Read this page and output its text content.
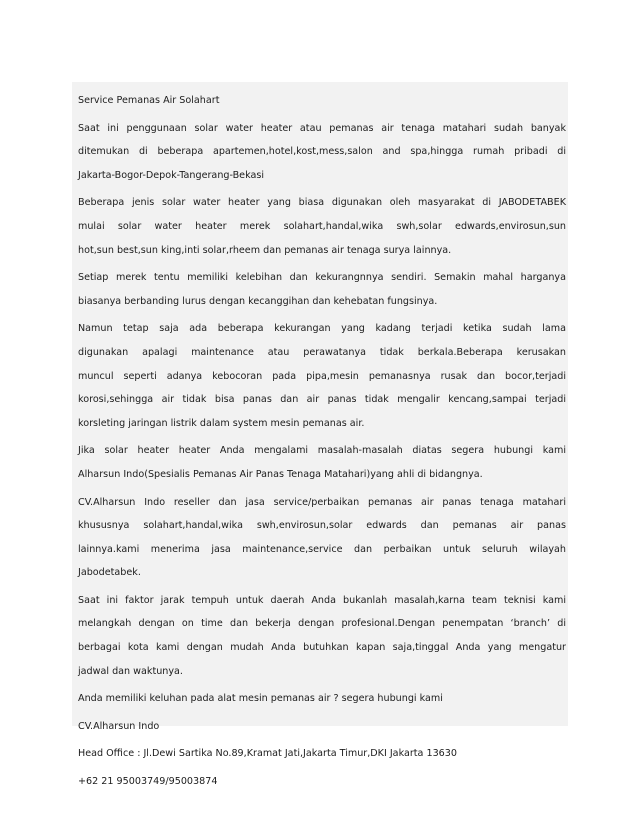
Service Pemanas Air Solahart
Saat ini penggunaan solar water heater atau pemanas air tenaga matahari sudah banyak
ditemukan di beberapa apartemen,hotel,kost,mess,salon and spa,hingga rumah pribadi di
Jakarta-Bogor-Depok-Tangerang-Bekasi
Beberapa jenis solar water heater yang biasa digunakan oleh masyarakat di JABODETABEK
mulai solar water heater merek solahart,handal,wika swh,solar edwards,envirosun,sun
hot,sun best,sun king,inti solar,rheem dan pemanas air tenaga surya lainnya.
Setiap merek tentu memiliki kelebihan dan kekurangnnya sendiri. Semakin mahal harganya
biasanya berbanding lurus dengan kecanggihan dan kehebatan fungsinya.
Namun tetap saja ada beberapa kekurangan yang kadang terjadi ketika sudah lama
digunakan apalagi maintenance atau perawatanya tidak berkala.Beberapa kerusakan
muncul seperti adanya kebocoran pada pipa,mesin pemanasnya rusak dan bocor,terjadi
korosi,sehingga air tidak bisa panas dan air panas tidak mengalir kencang,sampai terjadi
korsleting jaringan listrik dalam system mesin pemanas air.
Jika solar heater heater Anda mengalami masalah-masalah diatas segera hubungi kami
Alharsun Indo(Spesialis Pemanas Air Panas Tenaga Matahari)yang ahli di bidangnya.
CV.Alharsun Indo reseller dan jasa service/perbaikan pemanas air panas tenaga matahari
khususnya solahart,handal,wika swh,envirosun,solar edwards dan pemanas air panas
lainnya.kami menerima jasa maintenance,service dan perbaikan untuk seluruh wilayah
Jabodetabek.
Saat ini faktor jarak tempuh untuk daerah Anda bukanlah masalah,karna team teknisi kami
melangkah dengan on time dan bekerja dengan profesional.Dengan penempatan ‘branch’ di
berbagai kota kami dengan mudah Anda butuhkan kapan saja,tinggal Anda yang mengatur
jadwal dan waktunya.
Anda memiliki keluhan pada alat mesin pemanas air ? segera hubungi kami
CV.Alharsun Indo
Head Office : Jl.Dewi Sartika No.89,Kramat Jati,Jakarta Timur,DKI Jakarta 13630
+62 21 95003749/95003874
